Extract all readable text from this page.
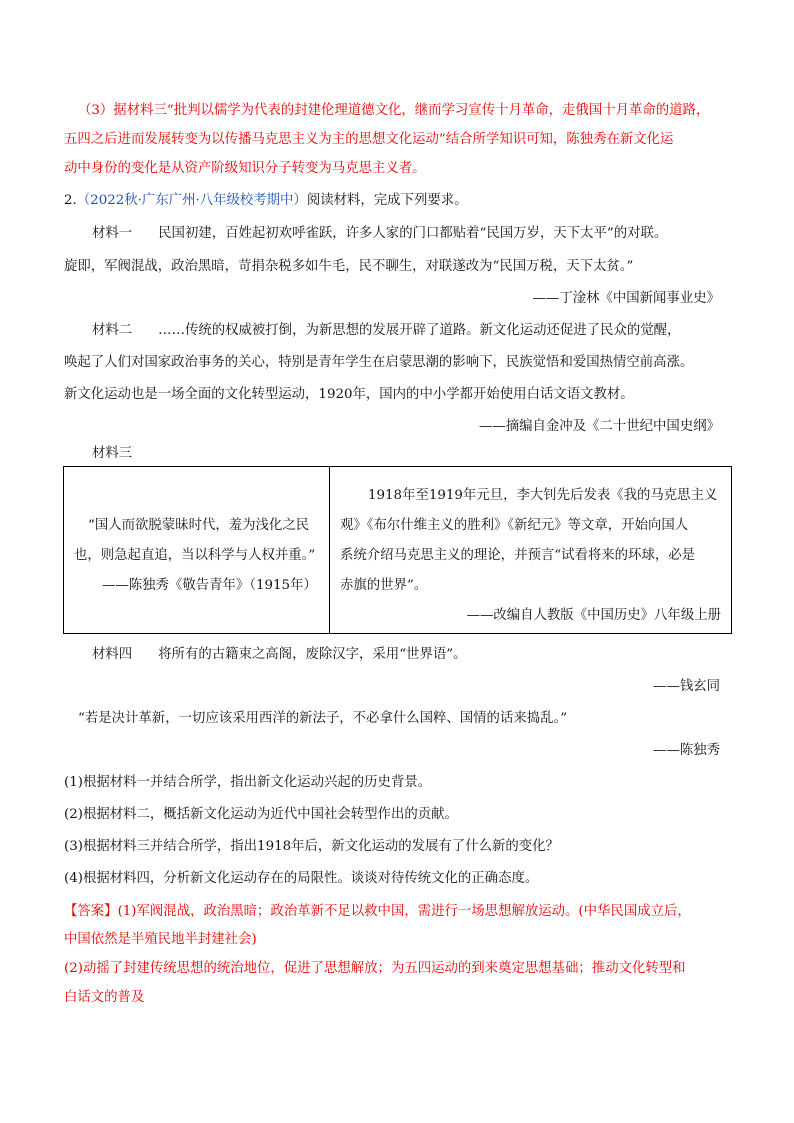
（3）据材料三“批判以儒学为代表的封建伦理道德文化，继而学习宣传十月革命，走俄国十月革命的道路，
五四之后进而发展转变为以传播马克思主义为主的思想文化运动”结合所学知识可知，陈独秀在新文化运
动中身份的变化是从资产阶级知识分子转变为马克思主义者。
2.（2022秋·广东广州·八年级校考期中）阅读材料，完成下列要求。
材料一 民国初建，百姓起初欢呼雀跃，许多人家的门口都贴着“民国万岁，天下太平”的对联。
旋即，军阀混战，政治黑暗，苛捐杂税多如牛毛，民不聊生，对联遂改为“民国万税，天下太贫。”
——丁淦林《中国新闻事业史》
材料二 ……传统的权威被打倒，为新思想的发展开辟了道路。新文化运动还促进了民众的觉醒，
唤起了人们对国家政治事务的关心，特别是青年学生在启蒙思潮的影响下，民族觉悟和爱国热情空前高涨。
新文化运动也是一场全面的文化转型运动，1920年，国内的中小学都开始使用白话文语文教材。
——摘编自金冲及《二十世纪中国史纲》
材料三
“国人而欲脱蒙昧时代，羞为浅化之民
也，则急起直追，当以科学与人权并重。”
——陈独秀《敬告青年》（1915年）
1918年至1919年元旦，李大钊先后发表《我的马克思主义
观》《布尔什维主义的胜利》《新纪元》等文章，开始向国人
系统介绍马克思主义的理论，并预言“试看将来的环球，必是
赤旗的世界”。
——改编自人教版《中国历史》八年级上册
材料四 将所有的古籍束之高阁，废除汉字，采用“世界语”。
——钱玄同
“若是决计革新，一切应该采用西洋的新法子，不必拿什么国粹、国情的话来捣乱。”
——陈独秀
(1)根据材料一并结合所学，指出新文化运动兴起的历史背景。
(2)根据材料二，概括新文化运动为近代中国社会转型作出的贡献。
(3)根据材料三并结合所学，指出1918年后，新文化运动的发展有了什么新的变化？
(4)根据材料四，分析新文化运动存在的局限性。谈谈对待传统文化的正确态度。
【答案】(1)军阀混战，政治黑暗；政治革新不足以救中国，需进行一场思想解放运动。(中华民国成立后，
中国依然是半殖民地半封建社会)
(2)动摇了封建传统思想的统治地位，促进了思想解放；为五四运动的到来奠定思想基础；推动文化转型和
白话文的普及
